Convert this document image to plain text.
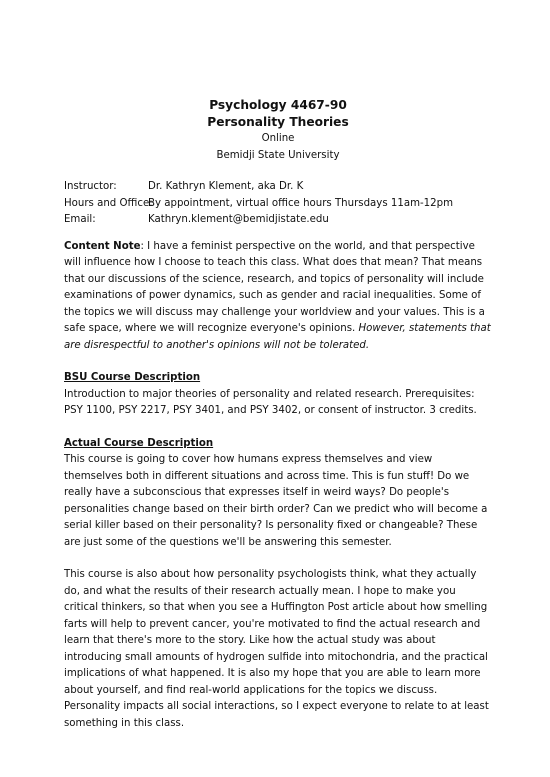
Psychology 4467-90
Personality Theories
Online
Bemidji State University
Instructor:	Dr. Kathryn Klement, aka Dr. K
Hours and Office:
By appointment, virtual office hours Thursdays 11am-12pm
Email:	Kathryn.klement@bemidjistate.edu

Content Note: I have a feminist perspective on the world, and that perspective will influence how I choose to teach this class. What does that mean? That means that our discussions of the science, research, and topics of personality will include examinations of power dynamics, such as gender and racial inequalities. Some of the topics we will discuss may challenge your worldview and your values. This is a safe space, where we will recognize everyone's opinions. However, statements that are disrespectful to another's opinions will not be tolerated.

BSU Course Description

Introduction to major theories of personality and related research. Prerequisites: PSY 1100, PSY 2217, PSY 3401, and PSY 3402, or consent of instructor. 3 credits.

Actual Course Description

This course is going to cover how humans express themselves and view themselves both in different situations and across time. This is fun stuff! Do we really have a subconscious that expresses itself in weird ways? Do people's personalities change based on their birth order? Can we predict who will become a serial killer based on their personality? Is personality fixed or changeable? These are just some of the questions we'll be answering this semester.

This course is also about how personality psychologists think, what they actually do, and what the results of their research actually mean. I hope to make you critical thinkers, so that when you see a Huffington Post article about how smelling farts will help to prevent cancer, you're motivated to find the actual research and learn that there's more to the story. Like how the actual study was about introducing small amounts of hydrogen sulfide into mitochondria, and the practical implications of what happened. It is also my hope that you are able to learn more about yourself, and find real-world applications for the topics we discuss. Personality impacts all social interactions, so I expect everyone to relate to at least something in this class.
